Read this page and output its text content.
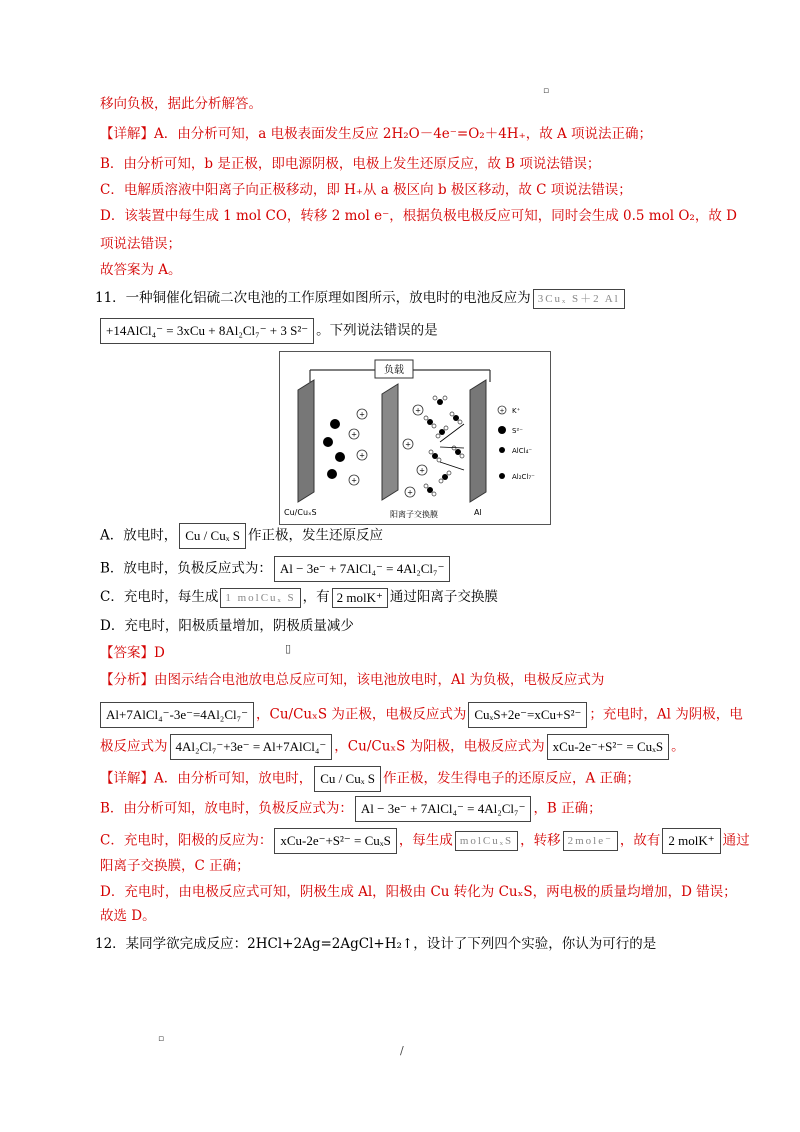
▫
移向负极，据此分析解答。
【详解】A．由分析可知，a 电极表面发生反应 2H₂O－4e⁻=O₂＋4H₊，故 A 项说法正确；
B．由分析可知，b 是正极，即电源阴极，电极上发生还原反应，故 B 项说法错误；
C．电解质溶液中阳离子向正极移动，即 H₊从 a 极区向 b 极区移动，故 C 项说法错误；
D．该装置中每生成 1 mol CO，转移 2 mol e⁻，根据负极电极反应可知，同时会生成 0.5 mol O₂，故 D
项说法错误；
故答案为 A。
11．一种铜催化铝硫二次电池的工作原理如图所示，放电时的电池反应为 3Cuₓ S＋2 Al
+14AlCl₄⁻ = 3xCu + 8Al₂Cl₇⁻ + 3 S²⁻ 。下列说法错误的是
负载
+
+
+
+
+
+
+
+
+ K⁺
S²⁻
AlCl₄⁻
Al₂Cl₇⁻
Cu/CuₓS	阳离子交换膜	Al
A．放电时， Cu / Cuₓ S 作正极，发生还原反应
B．放电时，负极反应式为： Al − 3e⁻ + 7AlCl₄⁻ = 4Al₂Cl₇⁻
C．充电时，每生成 1 molCuₓ S ，有 2 molK⁺ 通过阳离子交换膜
D．充电时，阳极质量增加，阴极质量减少
【答案】D	▯
【分析】由图示结合电池放电总反应可知，该电池放电时，Al 为负极，电极反应式为
Al+7AlCl₄⁻-3e⁻=4Al₂Cl₇⁻ ，Cu/CuₓS 为正极，电极反应式为 CuₓS+2e⁻=xCu+S²⁻ ；充电时，Al 为阴极，电
极反应式为 4Al₂Cl₇⁻+3e⁻ = Al+7AlCl₄⁻ ，Cu/CuₓS 为阳极，电极反应式为 xCu-2e⁻+S²⁻ = CuₓS 。
【详解】A．由分析可知，放电时， Cu / Cuₓ S 作正极，发生得电子的还原反应，A 正确；
B．由分析可知，放电时，负极反应式为： Al − 3e⁻ + 7AlCl₄⁻ = 4Al₂Cl₇⁻ ，B 正确；
C．充电时，阳极的反应为： xCu-2e⁻+S²⁻ = CuₓS ，每生成 molCuₓS ，转移 2mole⁻ ，故有 2 molK⁺ 通过
阳离子交换膜，C 正确；
D．充电时，由电极反应式可知，阴极生成 Al，阳极由 Cu 转化为 CuₓS，两电极的质量均增加，D 错误；
故选 D。
12．某同学欲完成反应：2HCl+2Ag=2AgCl+H₂↑，设计了下列四个实验，你认为可行的是
▫
/
